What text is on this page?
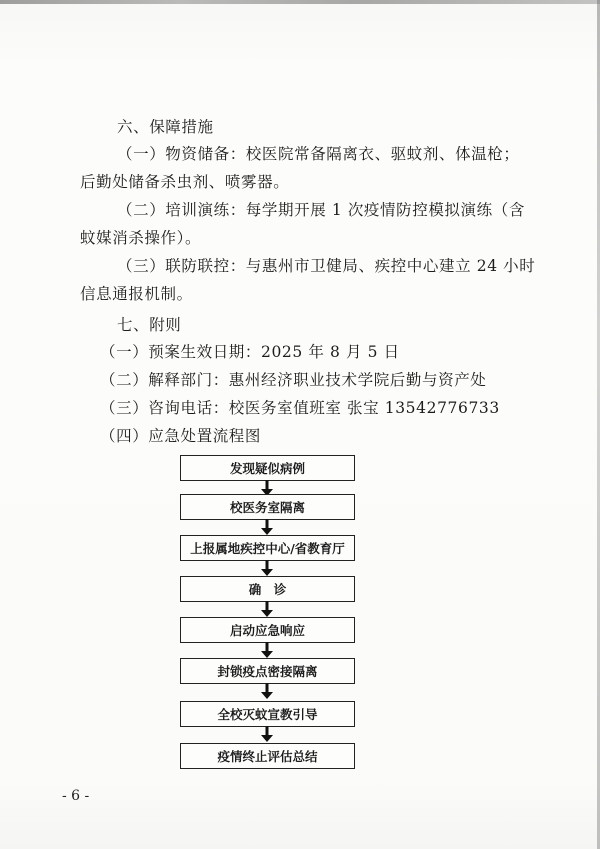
六、保障措施
（一）物资储备：校医院常备隔离衣、驱蚊剂、体温枪；
后勤处储备杀虫剂、喷雾器。
（二）培训演练：每学期开展 1 次疫情防控模拟演练（含
蚊媒消杀操作）。
（三）联防联控：与惠州市卫健局、疾控中心建立 24 小时
信息通报机制。
七、附则
（一）预案生效日期：2025 年 8 月 5 日
（二）解释部门：惠州经济职业技术学院后勤与资产处
（三）咨询电话：校医务室值班室 张宝 13542776733
（四）应急处置流程图
发现疑似病例
校医务室隔离
上报属地疾控中心/省教育厅
确　诊
启动应急响应
封锁疫点密接隔离
全校灭蚊宣教引导
疫情终止评估总结
- 6 -
